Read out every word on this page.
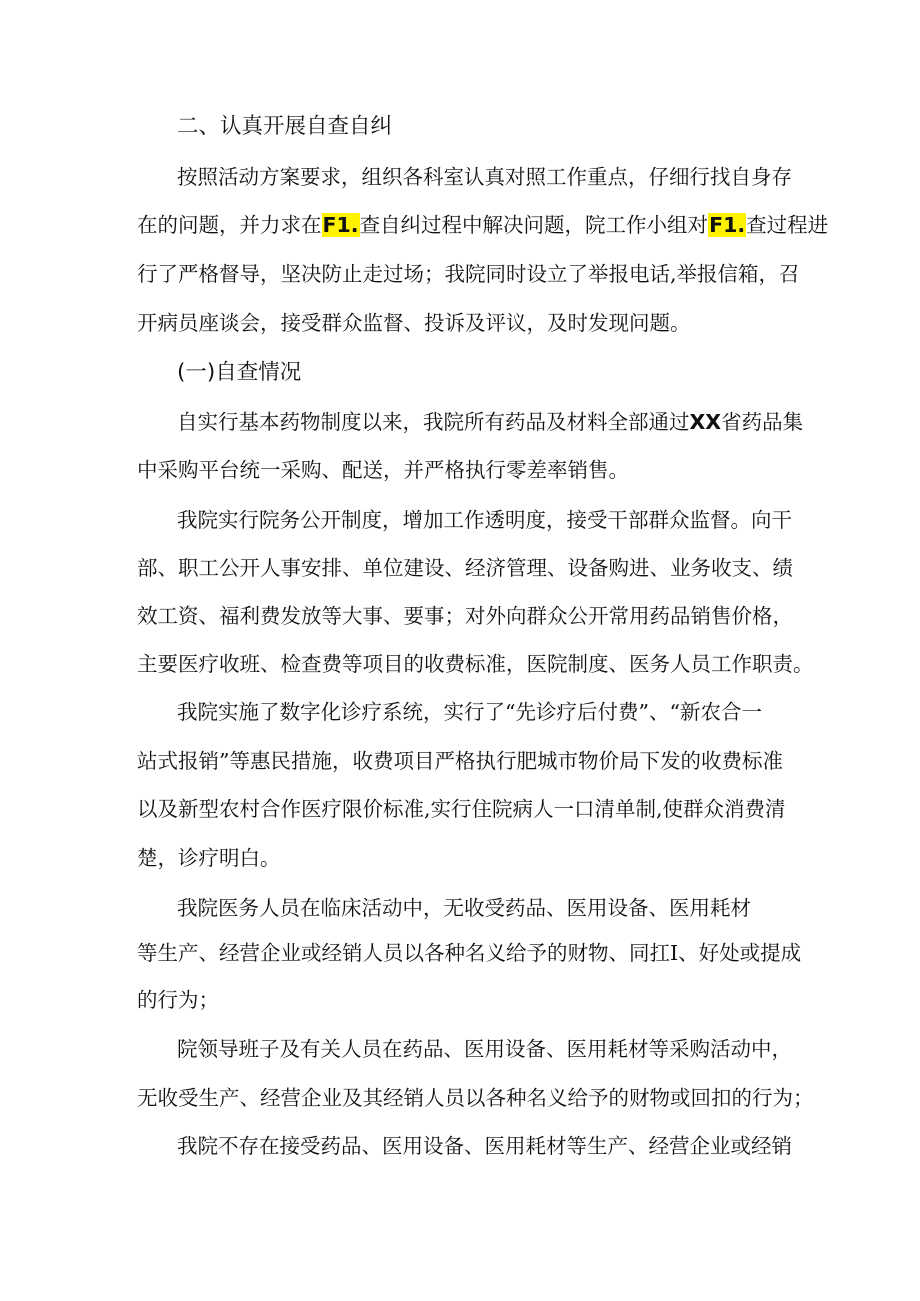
二、认真开展自查自纠
按照活动方案要求，组织各科室认真对照工作重点，仔细行找自身存
在的问题，并力求在F1.查自纠过程中解决问题，院工作小组对F1.查过程进
行了严格督导，坚决防止走过场；我院同时设立了举报电话,举报信箱，召
开病员座谈会，接受群众监督、投诉及评议，及时发现问题。
(一)自查情况
自实行基本药物制度以来，我院所有药品及材料全部通过XX省药品集
中采购平台统一采购、配送，并严格执行零差率销售。
我院实行院务公开制度，增加工作透明度，接受干部群众监督。向干
部、职工公开人事安排、单位建设、经济管理、设备购进、业务收支、绩
效工资、福利费发放等大事、要事；对外向群众公开常用药品销售价格，
主要医疗收班、检查费等项目的收费标准，医院制度、医务人员工作职责。
我院实施了数字化诊疗系统，实行了“先诊疗后付费”、“新农合一
站式报销”等惠民措施，收费项目严格执行肥城市物价局下发的收费标准
以及新型农村合作医疗限价标准,实行住院病人一口清单制,使群众消费清
楚，诊疗明白。
我院医务人员在临床活动中，无收受药品、医用设备、医用耗材
等生产、经营企业或经销人员以各种名义给予的财物、同扛I、好处或提成
的行为；
院领导班子及有关人员在药品、医用设备、医用耗材等采购活动中，
无收受生产、经营企业及其经销人员以各种名义给予的财物或回扣的行为；
我院不存在接受药品、医用设备、医用耗材等生产、经营企业或经销
